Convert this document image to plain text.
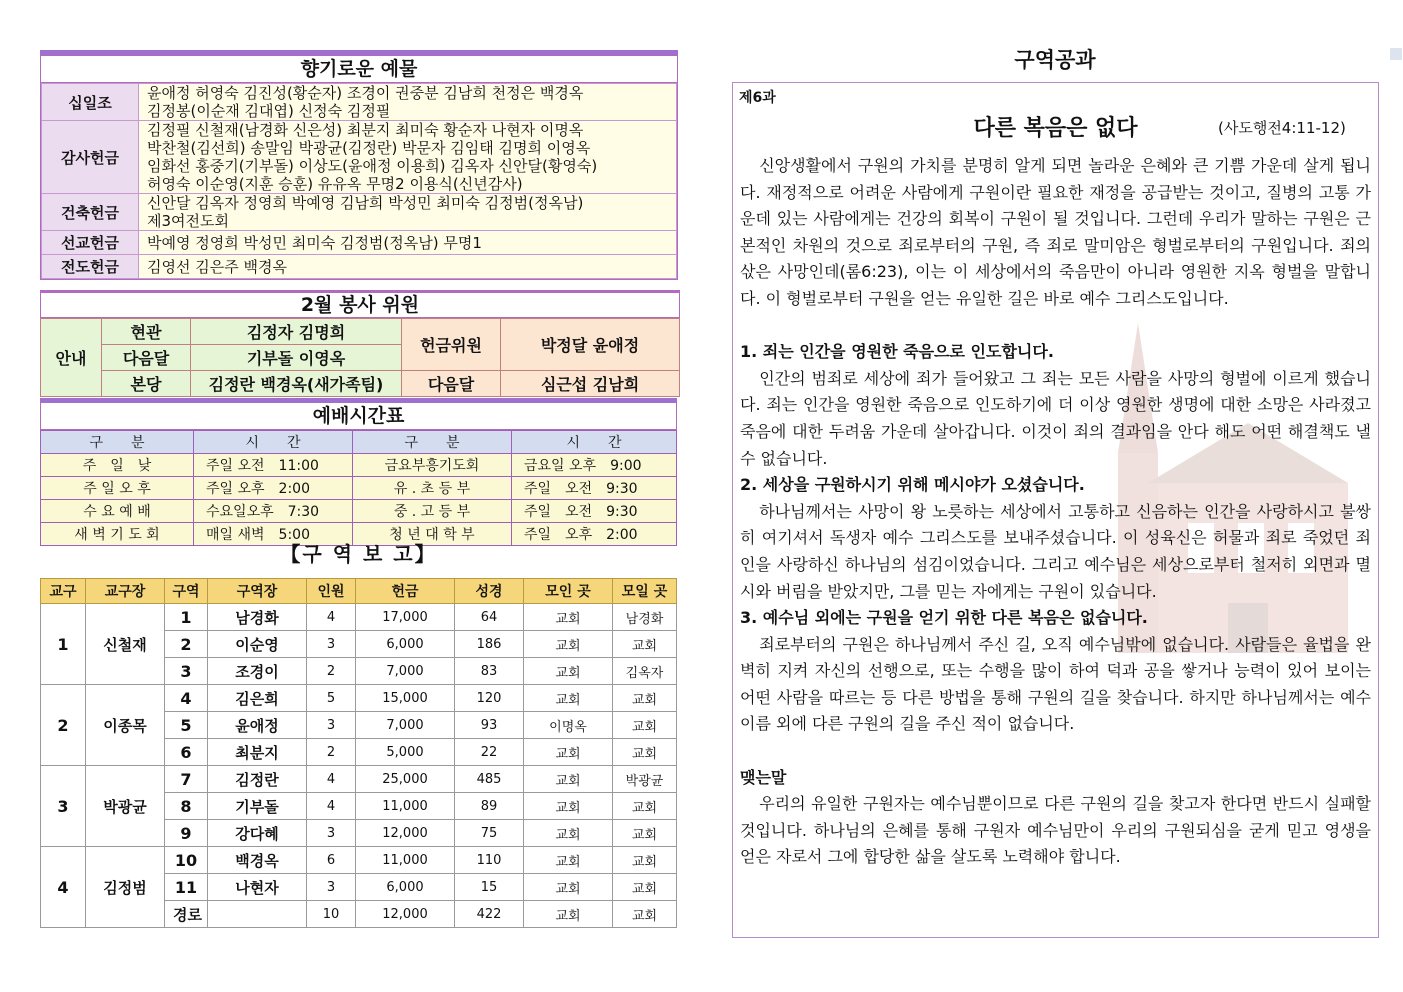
향기로운 예물
십일조	윤애정 허영숙 김진성(황순자) 조경이 권중분 김남희 천정은 백경옥
김정봉(이순재 김대엽) 신정숙 김정필

감사헌금	김정필 신철재(남경화 신은성) 최분지 최미숙 황순자 나현자 이명옥
박찬철(김선희) 송말임 박광균(김정란) 박문자 김임태 김명희 이영옥
임화선 홍중기(기부돌) 이상도(윤애정 이용희) 김옥자 신안달(황영숙)
허영숙 이순영(지훈 승훈) 유유옥 무명2 이용식(신년감사)

건축헌금	신안달 김옥자 정영희 박예영 김남희 박성민 최미숙 김정범(정옥남)
제3여전도회

선교헌금	박예영 정영희 박성민 최미숙 김정범(정옥남) 무명1

전도헌금	김영선 김은주 백경옥
2월 봉사 위원
안내	현관	김정자 김명희	헌금위원	박정달 윤애정
	다음달	기부돌 이영옥		
	본당	김정란 백경옥(새가족팀)	다음달	심근섭 김남희
예배시간표
구　　분	시　　간	구　　분	시　　간
주　일　낮	주일 오전　11:00	금요부흥기도회	금요일 오후　9:00
주 일 오 후	주일 오후　2:00	유 . 초 등 부	주일　오전　9:30
수 요 예 배	수요일오후　7:30	중 . 고 등 부	주일　오전　9:30
새 벽 기 도 회	매일 새벽　5:00	청 년 대 학 부	주일　오후　2:00
【구 역 보 고】
교구	교구장	구역	구역장	인원	헌금	성경	모인 곳	모일 곳
1	신철재	1	남경화	4	17,000	64	교회	남경화
		2	이순영	3	6,000	186	교회	교회
		3	조경이	2	7,000	83	교회	김옥자
2	이종목	4	김은희	5	15,000	120	교회	교회
		5	윤애정	3	7,000	93	이명옥	교회
		6	최분지	2	5,000	22	교회	교회
3	박광균	7	김정란	4	25,000	485	교회	박광균
		8	기부돌	4	11,000	89	교회	교회
		9	강다혜	3	12,000	75	교회	교회
4	김정범	10	백경옥	6	11,000	110	교회	교회
		11	나현자	3	6,000	15	교회	교회
		경로		10	12,000	422	교회	교회
구역공과
제6과
다른 복음은 없다	(사도행전4:11-12)

신앙생활에서 구원의 가치를 분명히 알게 되면 놀라운 은혜와 큰 기쁨 가운데 살게 됩니다. 재정적으로 어려운 사람에게 구원이란 필요한 재정을 공급받는 것이고, 질병의 고통 가운데 있는 사람에게는 건강의 회복이 구원이 될 것입니다. 그런데 우리가 말하는 구원은 근본적인 차원의 것으로 죄로부터의 구원, 즉 죄로 말미암은 형벌로부터의 구원입니다. 죄의 삯은 사망인데(롬6:23), 이는 이 세상에서의 죽음만이 아니라 영원한 지옥 형벌을 말합니다. 이 형벌로부터 구원을 얻는 유일한 길은 바로 예수 그리스도입니다.

1. 죄는 인간을 영원한 죽음으로 인도합니다.

인간의 범죄로 세상에 죄가 들어왔고 그 죄는 모든 사람을 사망의 형벌에 이르게 했습니다. 죄는 인간을 영원한 죽음으로 인도하기에 더 이상 영원한 생명에 대한 소망은 사라졌고 죽음에 대한 두려움 가운데 살아갑니다. 이것이 죄의 결과임을 안다 해도 어떤 해결책도 낼 수 없습니다.

2. 세상을 구원하시기 위해 메시야가 오셨습니다.

하나님께서는 사망이 왕 노릇하는 세상에서 고통하고 신음하는 인간을 사랑하시고 불쌍히 여기셔서 독생자 예수 그리스도를 보내주셨습니다. 이 성육신은 허물과 죄로 죽었던 죄인을 사랑하신 하나님의 섬김이었습니다. 그리고 예수님은 세상으로부터 철저히 외면과 멸시와 버림을 받았지만, 그를 믿는 자에게는 구원이 있습니다.

3. 예수님 외에는 구원을 얻기 위한 다른 복음은 없습니다.

죄로부터의 구원은 하나님께서 주신 길, 오직 예수님밖에 없습니다. 사람들은 율법을 완벽히 지켜 자신의 선행으로, 또는 수행을 많이 하여 덕과 공을 쌓거나 능력이 있어 보이는 어떤 사람을 따르는 등 다른 방법을 통해 구원의 길을 찾습니다. 하지만 하나님께서는 예수 이름 외에 다른 구원의 길을 주신 적이 없습니다.

맺는말

우리의 유일한 구원자는 예수님뿐이므로 다른 구원의 길을 찾고자 한다면 반드시 실패할 것입니다. 하나님의 은혜를 통해 구원자 예수님만이 우리의 구원되심을 굳게 믿고 영생을 얻은 자로서 그에 합당한 삶을 살도록 노력해야 합니다.
